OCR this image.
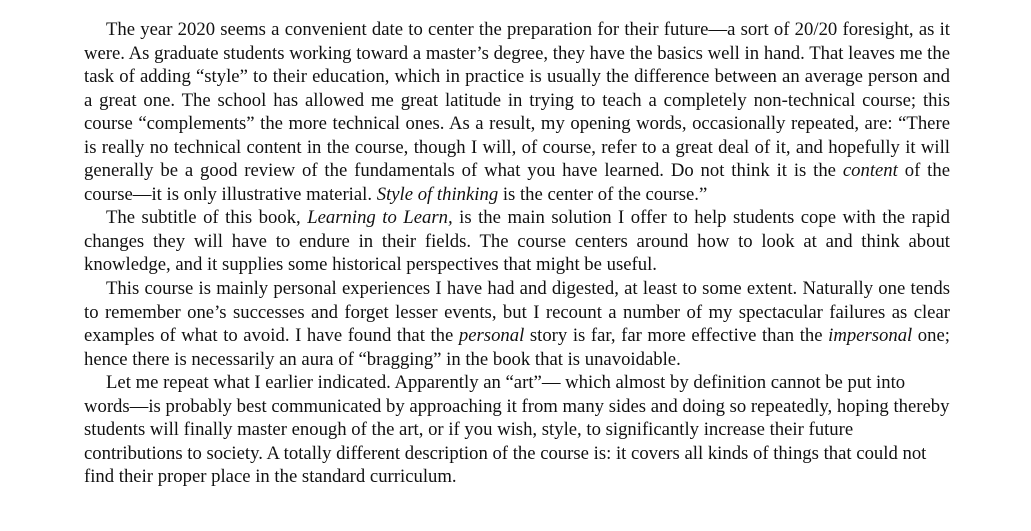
The year 2020 seems a convenient date to center the preparation for their future—a sort of 20/20 foresight, as it were. As graduate students working toward a master’s degree, they have the basics well in hand. That leaves me the task of adding “style” to their education, which in practice is usually the difference between an average person and a great one. The school has allowed me great latitude in trying to teach a completely non-technical course; this course “complements” the more technical ones. As a result, my opening words, occasionally repeated, are: “There is really no technical content in the course, though I will, of course, refer to a great deal of it, and hopefully it will generally be a good review of the fundamentals of what you have learned. Do not think it is the content of the course—it is only illustrative material. Style of thinking is the center of the course.”

The subtitle of this book, Learning to Learn, is the main solution I offer to help students cope with the rapid changes they will have to endure in their fields. The course centers around how to look at and think about knowledge, and it supplies some historical perspectives that might be useful.

This course is mainly personal experiences I have had and digested, at least to some extent. Naturally one tends to remember one’s successes and forget lesser events, but I recount a number of my spectacular failures as clear examples of what to avoid. I have found that the personal story is far, far more effective than the impersonal one; hence there is necessarily an aura of “bragging” in the book that is unavoidable.

Let me repeat what I earlier indicated. Apparently an “art”— which almost by definition cannot be put into words—is probably best communicated by approaching it from many sides and doing so repeatedly, hoping thereby students will finally master enough of the art, or if you wish, style, to significantly increase their future contributions to society. A totally different description of the course is: it covers all kinds of things that could not find their proper place in the standard curriculum.
